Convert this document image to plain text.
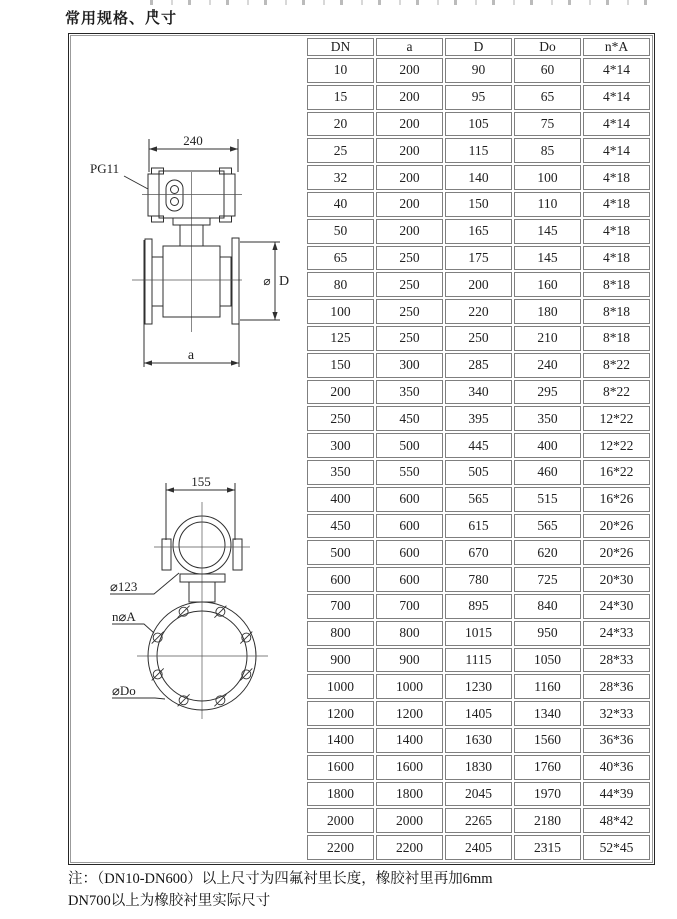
常用规格、尺寸
240
PG11
⌀ D
a
155
⌀123
n⌀A
⌀Do
DN	a	D	Do	n*A
10	200	90	60	4*14
15	200	95	65	4*14
20	200	105	75	4*14
25	200	115	85	4*14
32	200	140	100	4*18
40	200	150	110	4*18
50	200	165	145	4*18
65	250	175	145	4*18
80	250	200	160	8*18
100	250	220	180	8*18
125	250	250	210	8*18
150	300	285	240	8*22
200	350	340	295	8*22
250	450	395	350	12*22
300	500	445	400	12*22
350	550	505	460	16*22
400	600	565	515	16*26
450	600	615	565	20*26
500	600	670	620	20*26
600	600	780	725	20*30
700	700	895	840	24*30
800	800	1015	950	24*33
900	900	1115	1050	28*33
1000	1000	1230	1160	28*36
1200	1200	1405	1340	32*33
1400	1400	1630	1560	36*36
1600	1600	1830	1760	40*36
1800	1800	2045	1970	44*39
2000	2000	2265	2180	48*42
2200	2200	2405	2315	52*45
注：（DN10-DN600）以上尺寸为四氟衬里长度，橡胶衬里再加6mm
DN700以上为橡胶衬里实际尺寸
